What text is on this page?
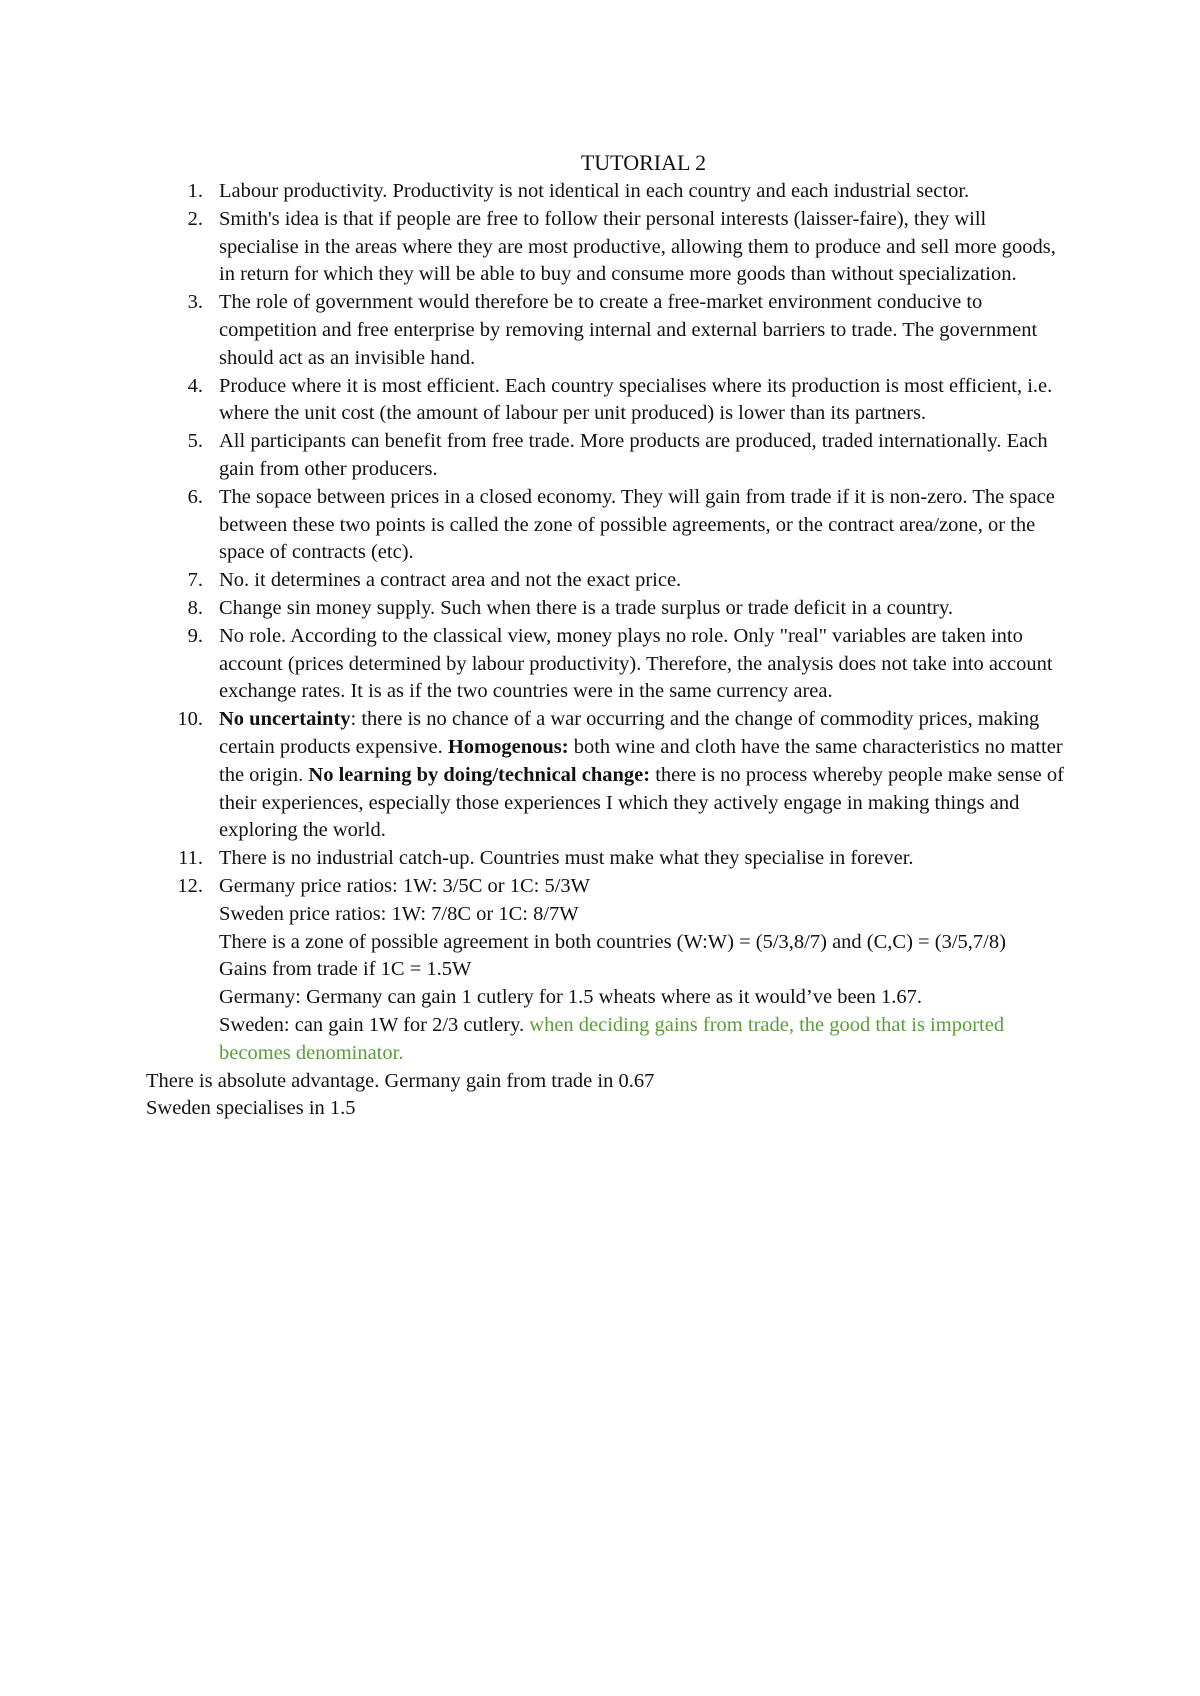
TUTORIAL 2
1. Labour productivity. Productivity is not identical in each country and each industrial sector.
2. Smith's idea is that if people are free to follow their personal interests (laisser-faire), they will specialise in the areas where they are most productive, allowing them to produce and sell more goods, in return for which they will be able to buy and consume more goods than without specialization.
3. The role of government would therefore be to create a free-market environment conducive to competition and free enterprise by removing internal and external barriers to trade. The government should act as an invisible hand.
4. Produce where it is most efficient. Each country specialises where its production is most efficient, i.e. where the unit cost (the amount of labour per unit produced) is lower than its partners.
5. All participants can benefit from free trade. More products are produced, traded internationally. Each gain from other producers.
6. The sopace between prices in a closed economy. They will gain from trade if it is non-zero. The space between these two points is called the zone of possible agreements, or the contract area/zone, or the space of contracts (etc).
7. No. it determines a contract area and not the exact price.
8. Change sin money supply. Such when there is a trade surplus or trade deficit in a country.
9. No role. According to the classical view, money plays no role. Only "real" variables are taken into account (prices determined by labour productivity). Therefore, the analysis does not take into account exchange rates. It is as if the two countries were in the same currency area.
10. No uncertainty: there is no chance of a war occurring and the change of commodity prices, making certain products expensive. Homogenous: both wine and cloth have the same characteristics no matter the origin. No learning by doing/technical change: there is no process whereby people make sense of their experiences, especially those experiences I which they actively engage in making things and exploring the world.
11. There is no industrial catch-up. Countries must make what they specialise in forever.
12. Germany price ratios: 1W: 3/5C or 1C: 5/3W
Sweden price ratios: 1W: 7/8C or 1C: 8/7W
There is a zone of possible agreement in both countries (W:W) = (5/3,8/7) and (C,C) = (3/5,7/8)
Gains from trade if 1C = 1.5W
Germany: Germany can gain 1 cutlery for 1.5 wheats where as it would’ve been 1.67.
Sweden: can gain 1W for 2/3 cutlery. when deciding gains from trade, the good that is imported becomes denominator.
There is absolute advantage. Germany gain from trade in 0.67
Sweden specialises in 1.5
